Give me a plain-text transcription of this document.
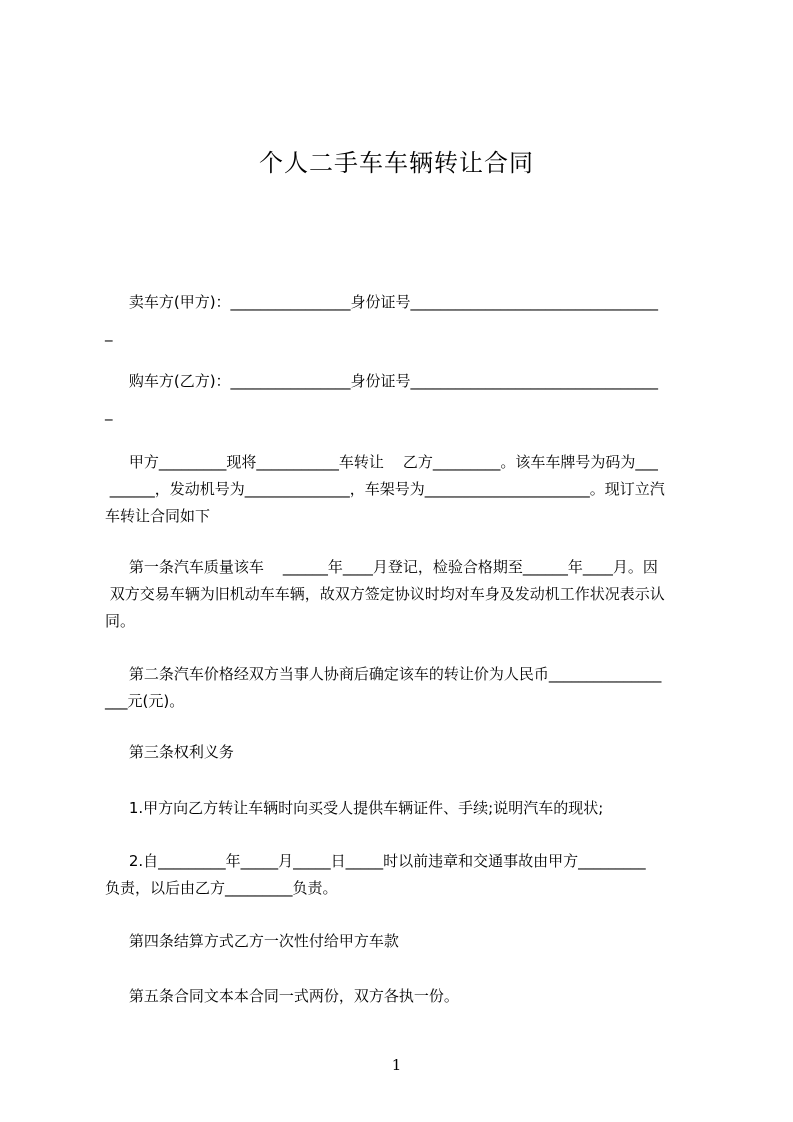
个人二手车车辆转让合同
卖车方(甲方)：________________身份证号_________________________________
_
购车方(乙方)：________________身份证号_________________________________
_
甲方_________现将___________车转让    乙方_________。该车车牌号为码为___
______，发动机号为______________，车架号为______________________。现订立汽
车转让合同如下
第一条汽车质量该车    ______年____月登记，检验合格期至______年____月。因
双方交易车辆为旧机动车车辆，故双方签定协议时均对车身及发动机工作状况表示认
同。
第二条汽车价格经双方当事人协商后确定该车的转让价为人民币_______________
___元(元)。
第三条权利义务
1.甲方向乙方转让车辆时向买受人提供车辆证件、手续;说明汽车的现状;
2.自_________年_____月_____日_____时以前违章和交通事故由甲方_________
负责，以后由乙方_________负责。
第四条结算方式乙方一次性付给甲方车款
第五条合同文本本合同一式两份，双方各执一份。
1
